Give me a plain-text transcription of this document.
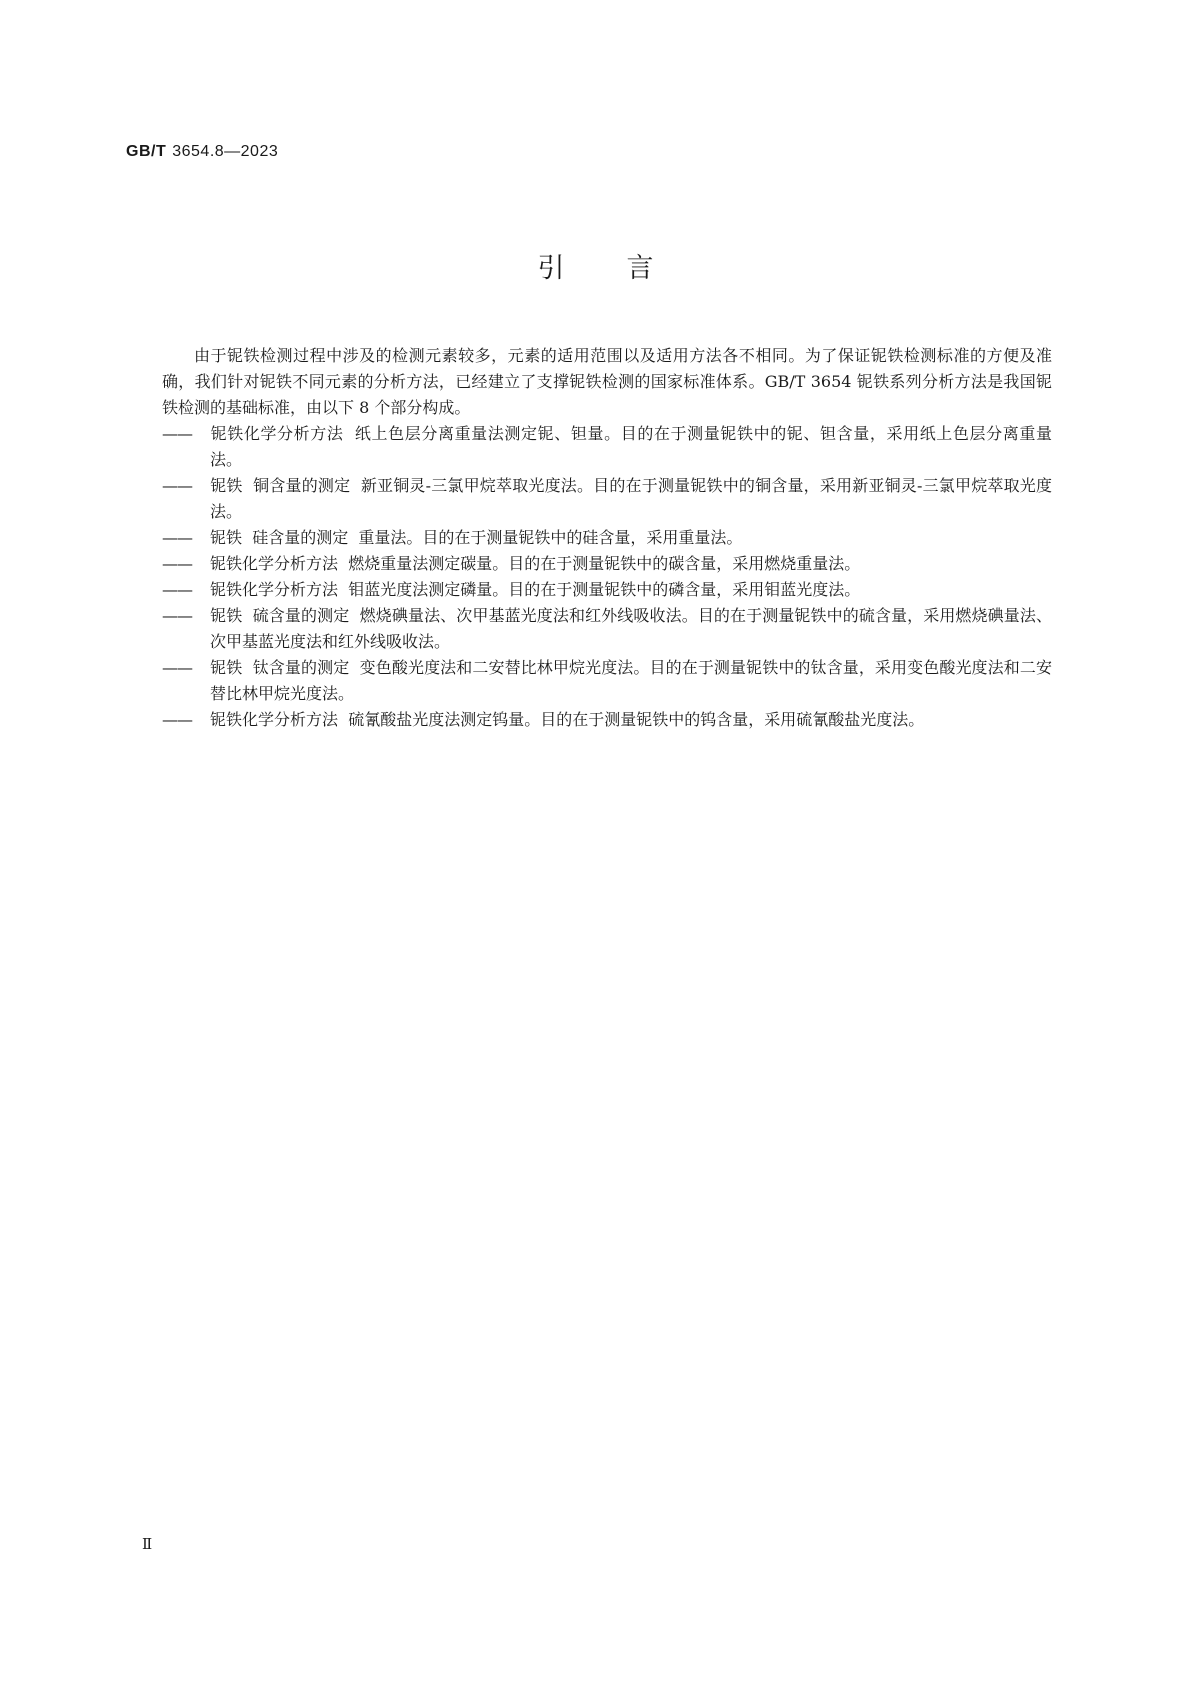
GB/T 3654.8—2023
引言

由于铌铁检测过程中涉及的检测元素较多，元素的适用范围以及适用方法各不相同。为了保证铌铁检测标准的方便及准确，我们针对铌铁不同元素的分析方法，已经建立了支撑铌铁检测的国家标准体系。GB/T 3654 铌铁系列分析方法是我国铌铁检测的基础标准，由以下 8 个部分构成。

—— 铌铁化学分析方法 纸上色层分离重量法测定铌、钽量。目的在于测量铌铁中的铌、钽含量，采用纸上色层分离重量法。
—— 铌铁 铜含量的测定 新亚铜灵-三氯甲烷萃取光度法。目的在于测量铌铁中的铜含量，采用新亚铜灵-三氯甲烷萃取光度法。
—— 铌铁 硅含量的测定 重量法。目的在于测量铌铁中的硅含量，采用重量法。
—— 铌铁化学分析方法 燃烧重量法测定碳量。目的在于测量铌铁中的碳含量，采用燃烧重量法。
—— 铌铁化学分析方法 钼蓝光度法测定磷量。目的在于测量铌铁中的磷含量，采用钼蓝光度法。
—— 铌铁 硫含量的测定 燃烧碘量法、次甲基蓝光度法和红外线吸收法。目的在于测量铌铁中的硫含量，采用燃烧碘量法、次甲基蓝光度法和红外线吸收法。
—— 铌铁 钛含量的测定 变色酸光度法和二安替比林甲烷光度法。目的在于测量铌铁中的钛含量，采用变色酸光度法和二安替比林甲烷光度法。
—— 铌铁化学分析方法 硫氰酸盐光度法测定钨量。目的在于测量铌铁中的钨含量，采用硫氰酸盐光度法。
Ⅱ
